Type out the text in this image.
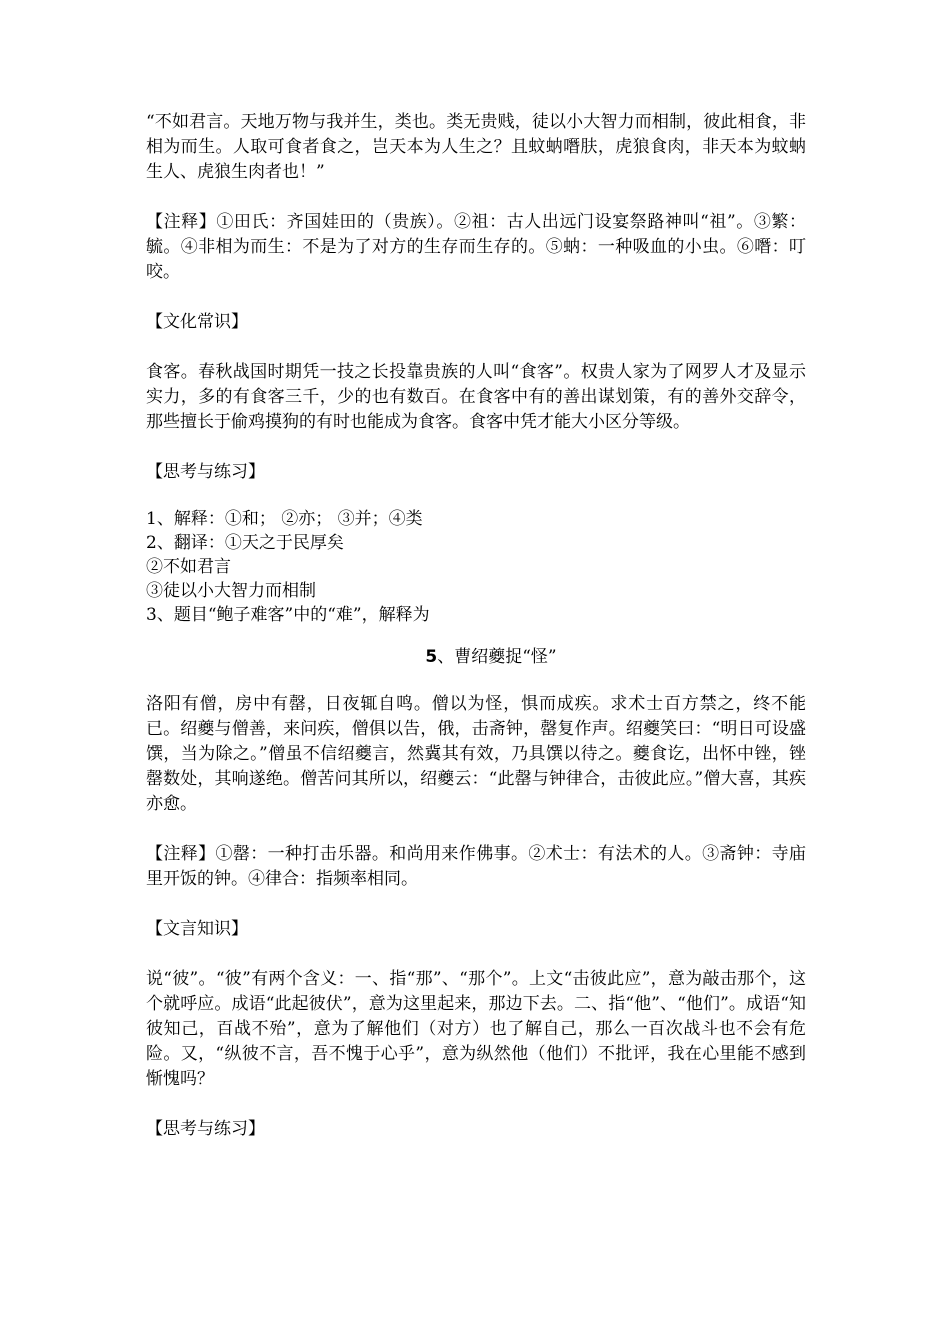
“不如君言。天地万物与我并生，类也。类无贵贱，徒以小大智力而相制，彼此相食，非相为而生。人取可食者食之，岂天本为人生之？且蚊蚋噆肤，虎狼食肉，非天本为蚊蚋生人、虎狼生肉者也！”

【注释】①田氏：齐国娃田的（贵族）。②祖：古人出远门设宴祭路神叫“祖”。③繁：毓。④非相为而生：不是为了对方的生存而生存的。⑤蚋：一种吸血的小虫。⑥噆：叮咬。

【文化常识】

食客。春秋战国时期凭一技之长投靠贵族的人叫“食客”。权贵人家为了网罗人才及显示实力，多的有食客三千，少的也有数百。在食客中有的善出谋划策，有的善外交辞令，那些擅长于偷鸡摸狗的有时也能成为食客。食客中凭才能大小区分等级。

【思考与练习】

1、解释：①和； ②亦； ③并；④类
2、翻译：①天之于民厚矣
②不如君言
③徒以小大智力而相制
3、题目“鲍子难客”中的“难”，解释为
5、曹绍夔捉“怪”

洛阳有僧，房中有罄，日夜辄自鸣。僧以为怪，惧而成疾。求术士百方禁之，终不能已。绍夔与僧善，来问疾，僧俱以告，俄，击斋钟，罄复作声。绍夔笑曰：“明日可设盛馔，当为除之。”僧虽不信绍夔言，然冀其有效，乃具馔以待之。夔食讫，出怀中锉，锉罄数处，其响遂绝。僧苦问其所以，绍夔云：“此罄与钟律合，击彼此应。”僧大喜，其疾亦愈。

【注释】①罄：一种打击乐器。和尚用来作佛事。②术士：有法术的人。③斋钟：寺庙里开饭的钟。④律合：指频率相同。

【文言知识】

说“彼”。“彼”有两个含义：一、指“那”、“那个”。上文“击彼此应”，意为敲击那个，这个就呼应。成语“此起彼伏”，意为这里起来，那边下去。二、指“他”、“他们”。成语“知彼知己，百战不殆”，意为了解他们（对方）也了解自己，那么一百次战斗也不会有危险。又，“纵彼不言，吾不愧于心乎”，意为纵然他（他们）不批评，我在心里能不感到惭愧吗？

【思考与练习】
